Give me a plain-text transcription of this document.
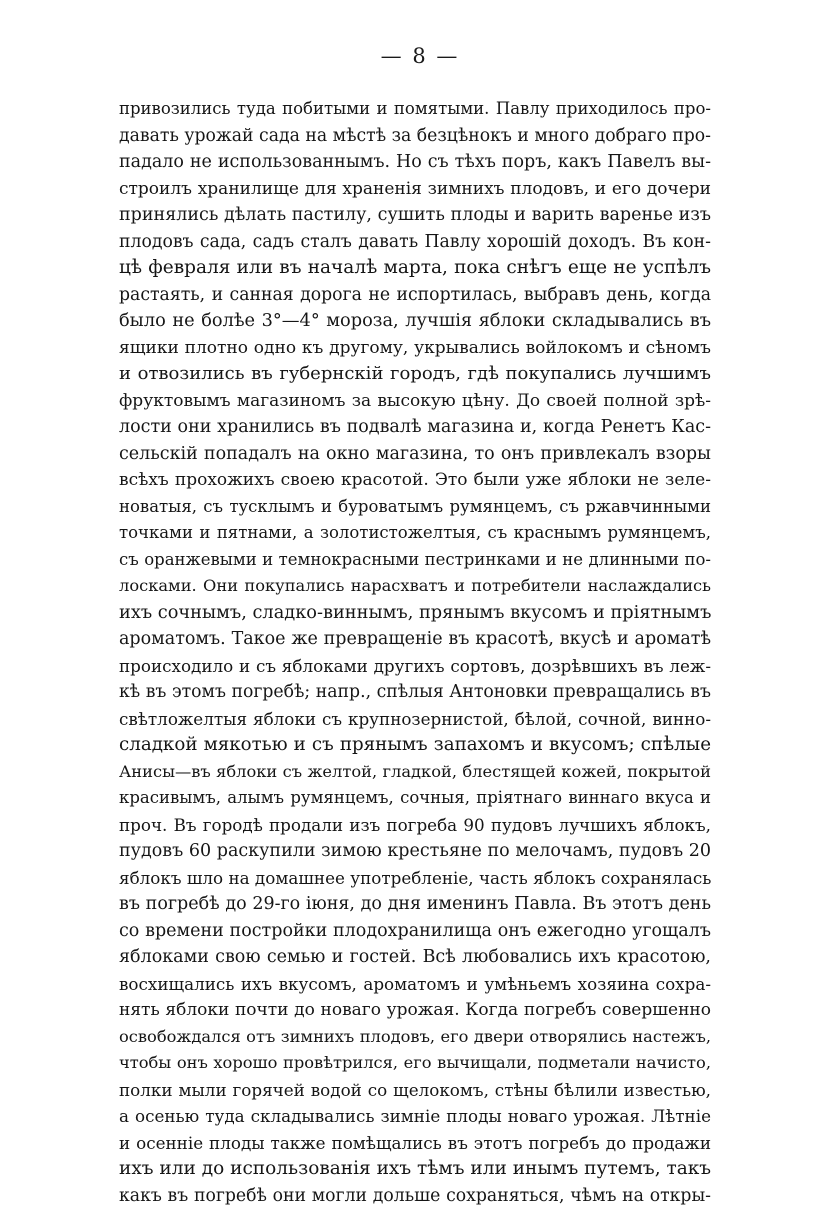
— 8 —
привозились туда побитыми и помятыми. Павлу приходилось про-
давать урожай сада на мѣстѣ за безцѣнокъ и много добраго про-
падало не использованнымъ. Но съ тѣхъ поръ, какъ Павелъ вы-
строилъ хранилище для храненія зимнихъ плодовъ, и его дочери
принялись дѣлать пастилу, сушить плоды и варить варенье изъ
плодовъ сада, садъ сталъ давать Павлу хорошій доходъ. Въ кон-
цѣ февраля или въ началѣ марта, пока снѣгъ еще не успѣлъ
растаять, и санная дорога не испортилась, выбравъ день, когда
было не болѣе 3°—4° мороза, лучшія яблоки складывались въ
ящики плотно одно къ другому, укрывались войлокомъ и сѣномъ
и отвозились въ губернскій городъ, гдѣ покупались лучшимъ
фруктовымъ магазиномъ за высокую цѣну. До своей полной зрѣ-
лости они хранились въ подвалѣ магазина и, когда Ренетъ Кас-
сельскій попадалъ на окно магазина, то онъ привлекалъ взоры
всѣхъ прохожихъ своею красотой. Это были уже яблоки не зеле-
новатыя, съ тусклымъ и буроватымъ румянцемъ, съ ржавчинными
точками и пятнами, а золотистожелтыя, съ краснымъ румянцемъ,
съ оранжевыми и темнокрасными пестринками и не длинными по-
лосками. Они покупались нарасхватъ и потребители наслаждались
ихъ сочнымъ, сладко-виннымъ, прянымъ вкусомъ и пріятнымъ
ароматомъ. Такое же превращеніе въ красотѣ, вкусѣ и ароматѣ
происходило и съ яблоками другихъ сортовъ, дозрѣвшихъ въ леж-
кѣ въ этомъ погребѣ; напр., спѣлыя Антоновки превращались въ
свѣтложелтыя яблоки съ крупнозернистой, бѣлой, сочной, винно-
сладкой мякотью и съ прянымъ запахомъ и вкусомъ; спѣлые
Анисы—въ яблоки съ желтой, гладкой, блестящей кожей, покрытой
красивымъ, алымъ румянцемъ, сочныя, пріятнаго виннаго вкуса и
проч. Въ городѣ продали изъ погреба 90 пудовъ лучшихъ яблокъ,
пудовъ 60 раскупили зимою крестьяне по мелочамъ, пудовъ 20
яблокъ шло на домашнее употребленіе, часть яблокъ сохранялась
въ погребѣ до 29-го іюня, до дня именинъ Павла. Въ этотъ день
со времени постройки плодохранилища онъ ежегодно угощалъ
яблоками свою семью и гостей. Всѣ любовались ихъ красотою,
восхищались ихъ вкусомъ, ароматомъ и умѣньемъ хозяина сохра-
нять яблоки почти до новаго урожая. Когда погребъ совершенно
освобождался отъ зимнихъ плодовъ, его двери отворялись настежъ,
чтобы онъ хорошо провѣтрился, его вычищали, подметали начисто,
полки мыли горячей водой со щелокомъ, стѣны бѣлили известью,
а осенью туда складывались зимніе плоды новаго урожая. Лѣтніе
и осенніе плоды также помѣщались въ этотъ погребъ до продажи
ихъ или до использованія ихъ тѣмъ или инымъ путемъ, такъ
какъ въ погребѣ они могли дольше сохраняться, чѣмъ на откры-
